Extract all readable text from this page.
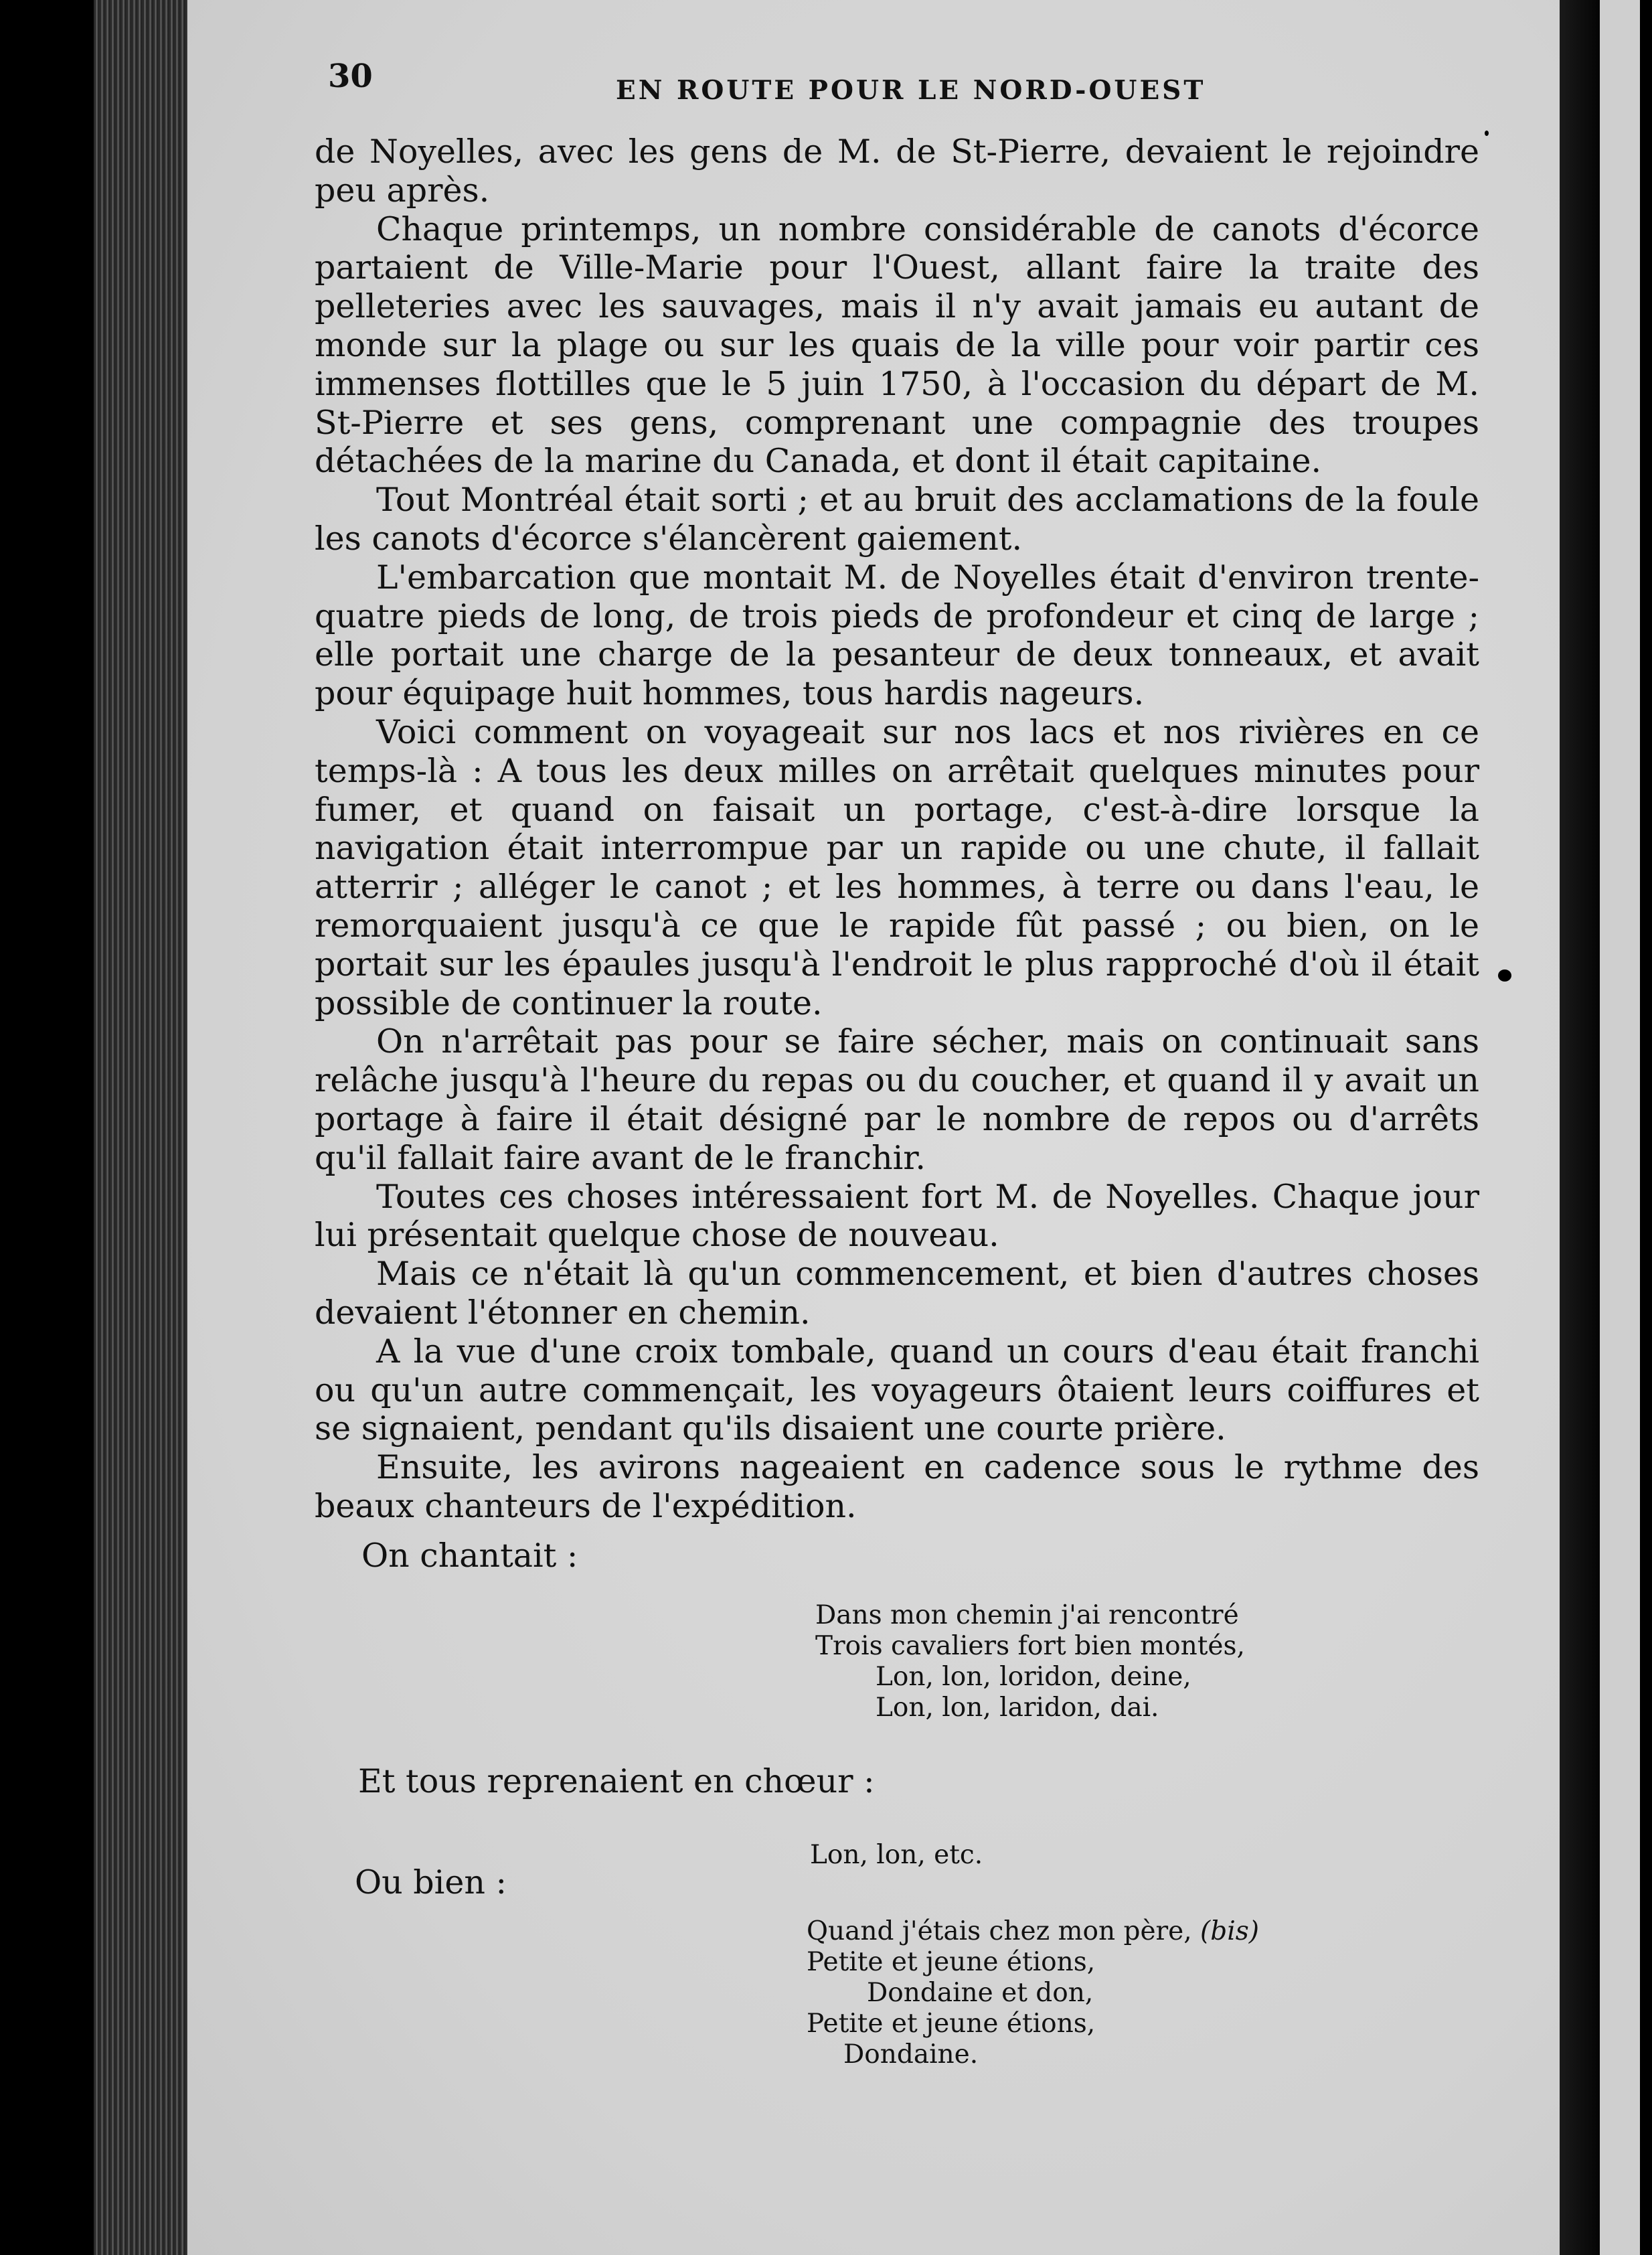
30	EN ROUTE POUR LE NORD-OUEST

de Noyelles, avec les gens de M. de St-Pierre, devaient le rejoindre peu après.

Chaque printemps, un nombre considérable de canots d'écorce partaient de Ville-Marie pour l'Ouest, allant faire la traite des pelleteries avec les sauvages, mais il n'y avait jamais eu autant de monde sur la plage ou sur les quais de la ville pour voir partir ces immenses flottilles que le 5 juin 1750, à l'occasion du départ de M. St-Pierre et ses gens, comprenant une compagnie des troupes détachées de la marine du Canada, et dont il était capitaine.

Tout Montréal était sorti ; et au bruit des acclamations de la foule les canots d'écorce s'élancèrent gaiement.

L'embarcation que montait M. de Noyelles était d'environ trente-quatre pieds de long, de trois pieds de profondeur et cinq de large ; elle portait une charge de la pesanteur de deux tonneaux, et avait pour équipage huit hommes, tous hardis nageurs.

Voici comment on voyageait sur nos lacs et nos rivières en ce temps-là : A tous les deux milles on arrêtait quelques minutes pour fumer, et quand on faisait un portage, c'est-à-dire lorsque la navigation était interrompue par un rapide ou une chute, il fallait atterrir ; alléger le canot ; et les hommes, à terre ou dans l'eau, le remorquaient jusqu'à ce que le rapide fût passé ; ou bien, on le portait sur les épaules jusqu'à l'endroit le plus rapproché d'où il était possible de continuer la route.

On n'arrêtait pas pour se faire sécher, mais on continuait sans relâche jusqu'à l'heure du repas ou du coucher, et quand il y avait un portage à faire il était désigné par le nombre de repos ou d'arrêts qu'il fallait faire avant de le franchir.

Toutes ces choses intéressaient fort M. de Noyelles. Chaque jour lui présentait quelque chose de nouveau.

Mais ce n'était là qu'un commencement, et bien d'autres choses devaient l'étonner en chemin.

A la vue d'une croix tombale, quand un cours d'eau était franchi ou qu'un autre commençait, les voyageurs ôtaient leurs coiffures et se signaient, pendant qu'ils disaient une courte prière.

Ensuite, les avirons nageaient en cadence sous le rythme des beaux chanteurs de l'expédition.

On chantait :
Dans mon chemin j'ai rencontré
Trois cavaliers fort bien montés,
Lon, lon, loridon, deine,
Lon, lon, laridon, dai.
Et tous reprenaient en chœur :
Lon, lon, etc.
Ou bien :
Quand j'étais chez mon père, (bis)
Petite et jeune étions,
Dondaine et don,
Petite et jeune étions,
Dondaine.
